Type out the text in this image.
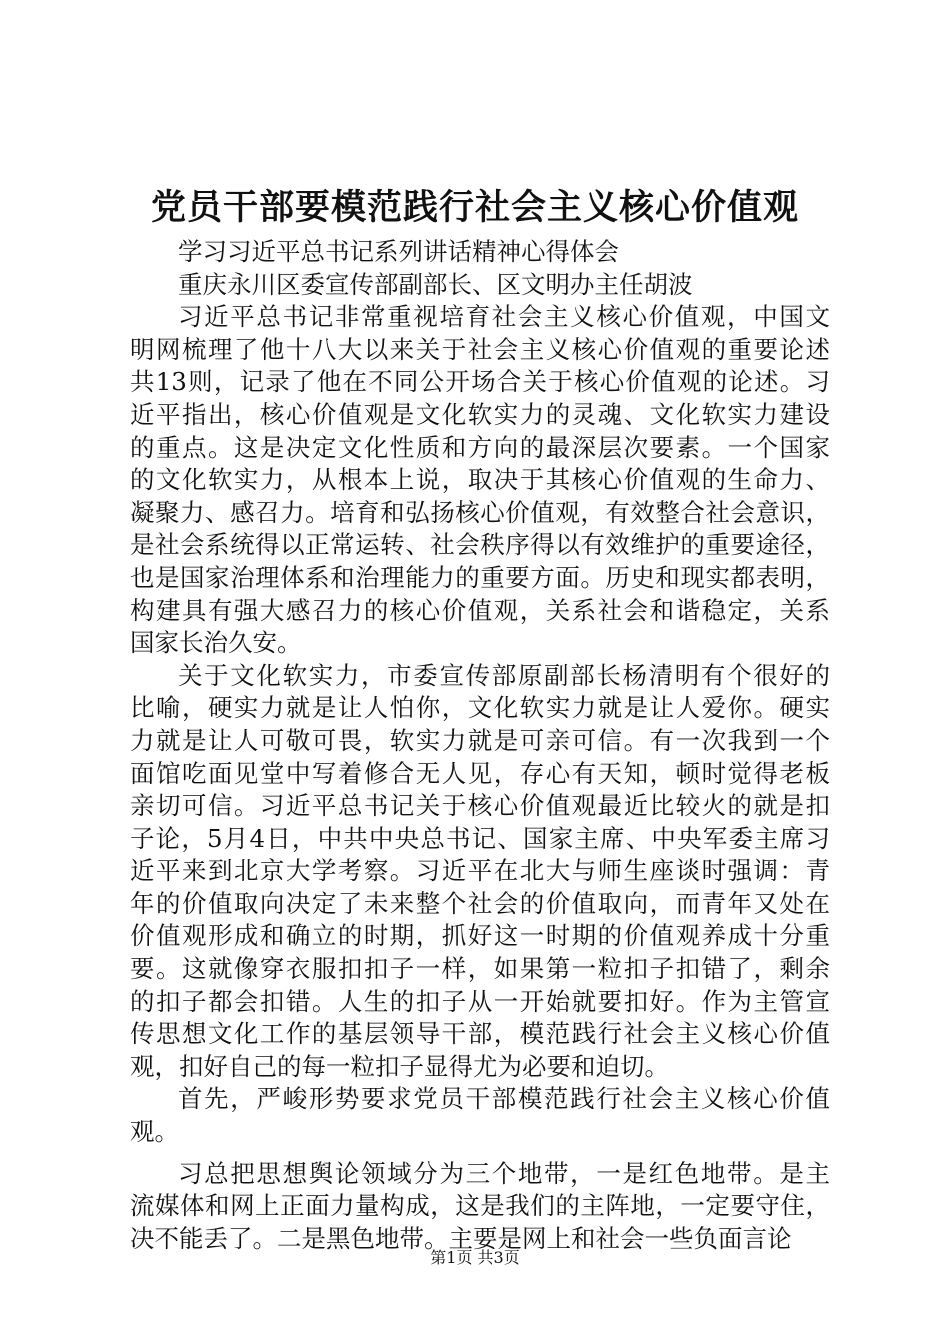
党员干部要模范践行社会主义核心价值观
学习习近平总书记系列讲话精神心得体会
重庆永川区委宣传部副部长、区文明办主任胡波
习近平总书记非常重视培育社会主义核心价值观，中国文
明网梳理了他十八大以来关于社会主义核心价值观的重要论述
共13则，记录了他在不同公开场合关于核心价值观的论述。习
近平指出，核心价值观是文化软实力的灵魂、文化软实力建设
的重点。这是决定文化性质和方向的最深层次要素。一个国家
的文化软实力，从根本上说，取决于其核心价值观的生命力、
凝聚力、感召力。培育和弘扬核心价值观，有效整合社会意识，
是社会系统得以正常运转、社会秩序得以有效维护的重要途径，
也是国家治理体系和治理能力的重要方面。历史和现实都表明，
构建具有强大感召力的核心价值观，关系社会和谐稳定，关系
国家长治久安。
关于文化软实力，市委宣传部原副部长杨清明有个很好的
比喻，硬实力就是让人怕你，文化软实力就是让人爱你。硬实
力就是让人可敬可畏，软实力就是可亲可信。有一次我到一个
面馆吃面见堂中写着修合无人见，存心有天知，顿时觉得老板
亲切可信。习近平总书记关于核心价值观最近比较火的就是扣
子论，5月4日，中共中央总书记、国家主席、中央军委主席习
近平来到北京大学考察。习近平在北大与师生座谈时强调：青
年的价值取向决定了未来整个社会的价值取向，而青年又处在
价值观形成和确立的时期，抓好这一时期的价值观养成十分重
要。这就像穿衣服扣扣子一样，如果第一粒扣子扣错了，剩余
的扣子都会扣错。人生的扣子从一开始就要扣好。作为主管宣
传思想文化工作的基层领导干部，模范践行社会主义核心价值
观，扣好自己的每一粒扣子显得尤为必要和迫切。
首先，严峻形势要求党员干部模范践行社会主义核心价值
观。
习总把思想舆论领域分为三个地带，一是红色地带。是主
流媒体和网上正面力量构成，这是我们的主阵地，一定要守住，
决不能丢了。二是黑色地带。主要是网上和社会一些负面言论
第1页 共3页
